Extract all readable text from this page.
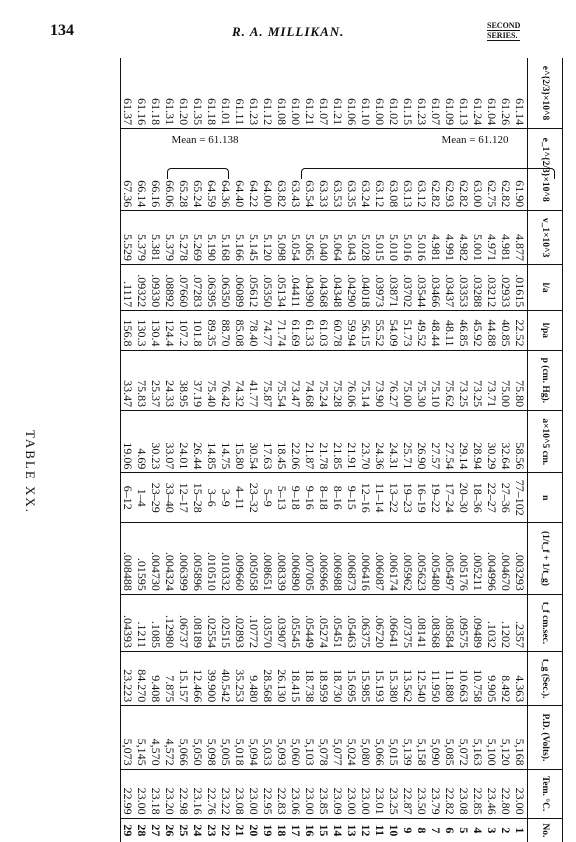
134	R. A. MILLIKAN.	SECOND
SERIES.
TABLE XX.
e^{2/3}×10^8	e_1^{2/3}×10^8	v_1×10^3	l/a	l/pa	p (cm. Hg).	a×10^5 cm.	n	(1/t_f + 1/t_g)	t_f cm.sec.	t_g (Sec.).	P.D. (Volts).	Tem. °C.	No.
61.14	61.90	4.877	.01615	22.52	75.80	58.56	77–102	.003293	.2357	4.363	5,168	23.00	1
61.26	62.82	4.981	.02933	40.85	75.00	32.64	27–36	.004670	.1202	8.492	5,120	22.80	2
61.04	62.75	4.971	.03212	44.88	73.71	30.29	22–27	.004996	.1032	9.905	5,100	23.46	3
61.24	63.00	5.001	.03288	45.92	73.25	28.94	18–36	.005211	.09489	10.758	5,163	22.85	4
61.13	62.82	4.982	.03353	46.85	73.25	29.14	20–30	.005176	.09575	10.663	5,072	23.08	5
61.09	62.93	4.991	.03437	48.11	75.62	27.54	17–24	.005497	.08584	11.880	5,085	22.82	6
61.07	62.82	4.981	.03466	48.44	75.10	27.57	19–22	.005480	.08368	11.950	5,090	23.79	7
61.23	63.12	5.016	.03544	49.52	75.30	26.90	16–19	.005623	.08141	12.540	5,158	23.50	8
61.15	63.13	5.016	.03702	51.73	75.00	25.71	19–23	.005962	.07375	13.562	5,139	22.87	9
61.02	63.08	5.010	.03871	54.09	76.27	24.31	13–22	.006174	.06641	15.380	5,015	23.25	10
61.00	63.12	5.015	.03973	55.52	73.90	24.36	11–14	.006087	.06720	15.193	5,066	23.01	11
61.10	63.24	5.028	.04018	56.15	75.14	23.70	12–16	.006416	.06375	15.985	5,080	23.00	12
61.06	63.35	5.043	.04290	59.94	76.06	21.91	9–15	.006873	.05463	15.695	5,024	23.00	13
61.21	63.53	5.064	.04348	60.78	75.28	21.85	8–16	.006988	.05451	18.730	5,077	23.09	14
61.07	63.33	5.040	.04368	61.03	75.24	21.78	8–18	.006966	.05274	18.959	5,078	23.85	15
61.21	63.54	5.065	.04390	61.33	74.68	21.87	9–16	.007005	.05449	18.738	5,103	23.00	16
61.00	63.43	5.054	.04411	61.69	73.47	22.06	9–18	.006890	.05545	18.415	5,060	23.06	17
61.08	63.82	5.098	.05134	71.74	75.54	18.45	5–13	.008339	.03907	26.130	5,093	22.83	18
61.12	64.00	5.120	.05350	74.77	75.87	17.63	5–9	.008651	.03570	28.568	5,033	22.95	19
61.23	64.22	5.145	.05612	78.40	41.77	30.54	23–32	.005058	.10772	9.480	5,094	23.00	20
61.11	64.40	5.166	.06089	85.08	74.32	15.80	4–11	.009660	.02893	35.253	5,018	23.08	21
61.01	64.36	5.168	.06350	88.70	76.42	14.75	3–9	.010332	.02515	40.542	5,005	23.22	22
61.18	64.59	5.190	.06395	89.35	75.40	14.85	3–6	.010510	.02554	39.900	5,098	22.76	23
61.35	65.24	5.269	.07283	101.8	37.19	26.44	15–28	.005896	.08189	12.466	5,050	23.16	24
61.20	65.28	5.278	.07660	107.2	38.95	24.01	12–17	.006399	.06737	15.157	5,066	22.98	25
61.31	66.06	5.379	.08892	124.4	24.33	33.07	33–40	.004324	.12980	7.875	4,572	23.20	26
61.18	66.16	5.381	.09330	130.4	25.37	30.23	23–29	.004730	.1085	9.408	4,570	23.18	27
61.16	66.14	5.379	.09322	130.3	75.83	4.69	1–4	.01595	.1211	84.270	5,145	23.00	28
61.37	67.36	5.529	.1117	156.8	33.47	19.06	6–12	.008488	.04393	23.223	5,073	22.99	29
Mean = 61.120
Mean = 61.138
